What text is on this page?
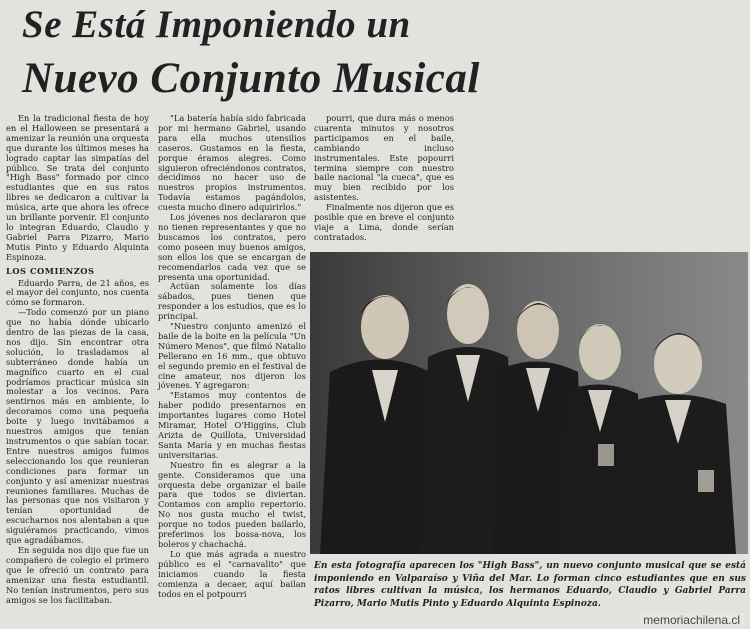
Se Está Imponiendo un
Nuevo Conjunto Musical

En la tradicional fiesta de hoy en el Halloween se presentará a amenizar la reunión una orquesta que durante los últimos meses ha logrado captar las simpatías del público. Se trata del conjunto "High Bass" formado por cinco estudiantes que en sus ratos libres se dedicaron a cultivar la música, arte que ahora les ofrece un brillante porvenir. El conjunto lo integran Eduardo, Claudio y Gabriel Parra Pizarro, Mario Mutis Pinto y Eduardo Alquinta Espinoza.

LOS COMIENZOS

Eduardo Parra, de 21 años, es el mayor del conjunto, nos cuenta cómo se formaron.

—Todo comenzó por un piano que no había dónde ubicarlo dentro de las piezas de la casa, nos dijo. Sin encontrar otra solución, lo trasladamos al subterráneo donde había un magnífico cuarto en el cual podríamos practicar música sin molestar a los vecinos. Para sentirnos más en ambiente, lo decoramos como una pequeña boite y luego invitábamos a nuestros amigos que tenían instrumentos o que sabían tocar. Entre nuestros amigos fuimos seleccionando los que reunieran condiciones para formar un conjunto y así amenizar nuestras reuniones familiares. Muchas de las personas que nos visitaron y tenían oportunidad de escucharnos nos alentaban a que siguiéramos practicando, vimos que agradábamos.

En seguida nos dijo que fue un compañero de colegio el primero que le ofreció un contrato para amenizar una fiesta estudiantil. No tenían instrumentos, pero sus amigos se los facilitaban.

"La batería había sido fabricada por mi hermano Gabriel, usando para ella muchos utensilios caseros. Gustamos en la fiesta, porque éramos alegres. Como siguieron ofreciéndonos contratos, decidimos no hacer uso de nuestros propios instrumentos. Todavía estamos pagándolos, cuesta mucho dinero adquirirlos."

Los jóvenes nos declararon que no tienen representantes y que no buscamos los contratos, pero como poseen muy buenos amigos, son ellos los que se encargan de recomendarlos cada vez que se presenta una oportunidad.

Actúan solamente los días sábados, pues tienen que responder a los estudios, que es lo principal.

"Nuestro conjunto amenizó el baile de la boite en la película "Un Número Menos", que filmó Natalio Pellerano en 16 mm., que obtuvo el segundo premio en el festival de cine amateur, nos dijeron los jóvenes. Y agregaron:

"Estamos muy contentos de haber podido presentarnos en importantes lugares como Hotel Miramar, Hotel O'Higgins, Club Arizta de Quillota, Universidad Santa María y en muchas fiestas universitarias.

Nuestro fin es alegrar a la gente. Consideramos que una orquesta debe organizar el baile para que todos se diviertan. Contamos con amplio repertorio. No nos gusta mucho el twist, porque no todos pueden bailarlo, preferimos los bossa-nova, los boleros y chachachá.

Lo que más agrada a nuestro público es el "carnavalito" que iniciamos cuando la fiesta comienza a decaer, aquí bailan todos en el potpourri

pourri, que dura más o menos cuarenta minutos y nosotros participamos en el baile, cambiando incluso instrumentales. Este popourri termina siempre con nuestro baile nacional "la cueca", que es muy bien recibido por los asistentes.

Finalmente nos dijeron que es posible que en breve el conjunto viaje a Lima, donde serían contratados.

En esta fotografía aparecen los "High Bass", un nuevo conjunto musical que se está imponiendo en Valparaíso y Viña del Mar. Lo forman cinco estudiantes que en sus ratos libres cultivan la música, los hermanos Eduardo, Claudio y Gabriel Parra Pizarro, Mario Mutis Pinto y Eduardo Alquinta Espinoza.

memoriachilena.cl
